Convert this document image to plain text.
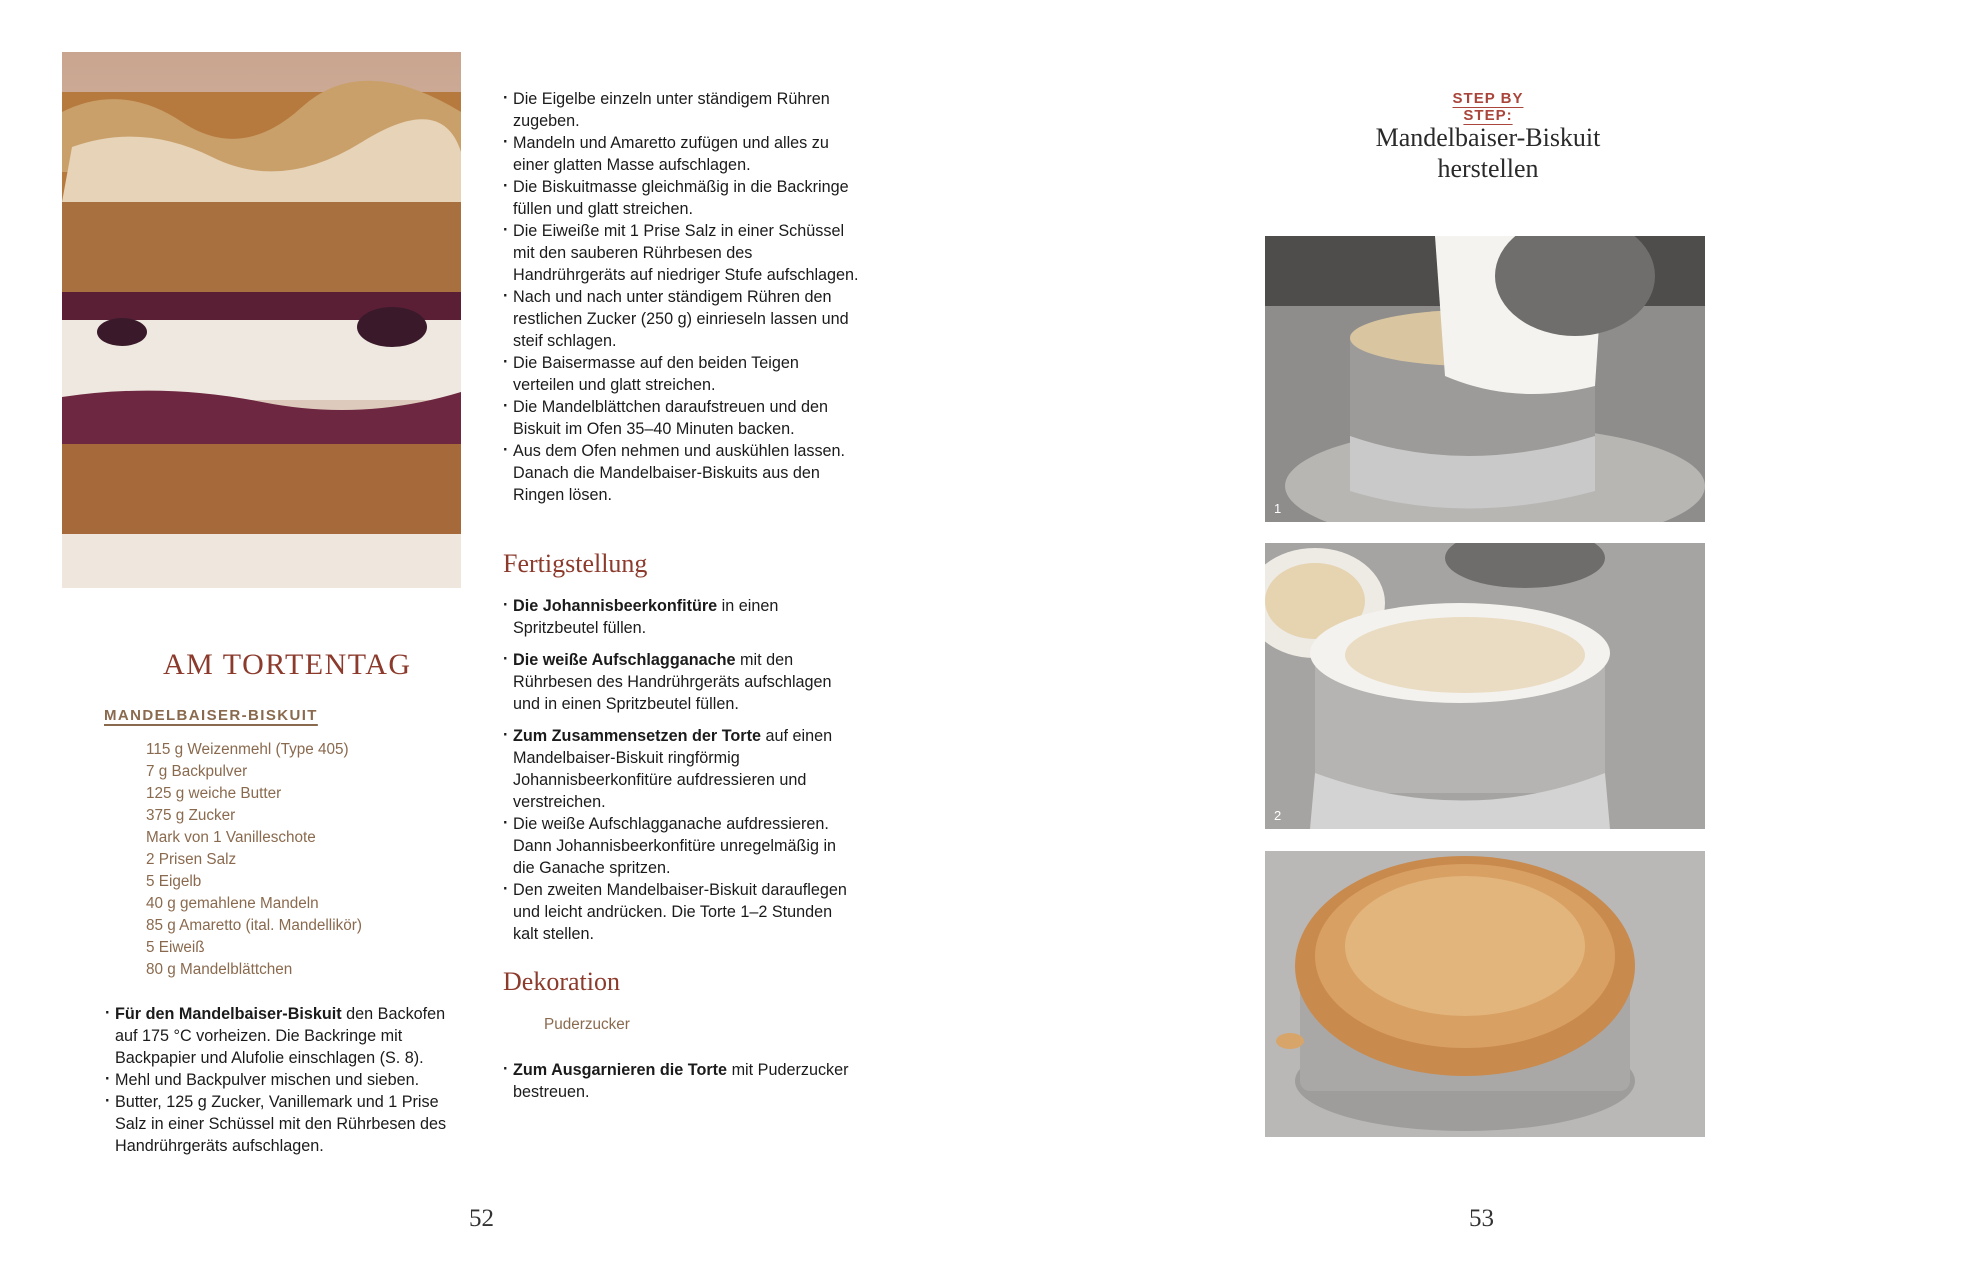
AM TORTENTAG
MANDELBAISER-BISKUIT
115 g Weizenmehl (Type 405)
7 g Backpulver
125 g weiche Butter
375 g Zucker
Mark von 1 Vanilleschote
2 Prisen Salz
5 Eigelb
40 g gemahlene Mandeln
85 g Amaretto (ital. Mandellikör)
5 Eiweiß
80 g Mandelblättchen
· Für den Mandelbaiser-Biskuit den Backofen auf 175 °C vorheizen. Die Backringe mit Backpapier und Alufolie einschlagen (S. 8).
· Mehl und Backpulver mischen und sieben.
· Butter, 125 g Zucker, Vanillemark und 1 Prise Salz in einer Schüssel mit den Rührbesen des Handrührgeräts aufschlagen.
· Die Eigelbe einzeln unter ständigem Rühren zugeben.
· Mandeln und Amaretto zufügen und alles zu einer glatten Masse aufschlagen.
· Die Biskuitmasse gleichmäßig in die Backringe füllen und glatt streichen.
· Die Eiweiße mit 1 Prise Salz in einer Schüssel mit den sauberen Rührbesen des Handrührgeräts auf niedriger Stufe aufschlagen.
· Nach und nach unter ständigem Rühren den restlichen Zucker (250 g) einrieseln lassen und steif schlagen.
· Die Baisermasse auf den beiden Teigen verteilen und glatt streichen.
· Die Mandelblättchen daraufstreuen und den Biskuit im Ofen 35–40 Minuten backen.
· Aus dem Ofen nehmen und auskühlen lassen. Danach die Mandelbaiser-Biskuits aus den Ringen lösen.
Fertigstellung
· Die Johannisbeerkonfitüre in einen Spritzbeutel füllen.
· Die weiße Aufschlagganache mit den Rührbesen des Handrührgeräts aufschlagen und in einen Spritzbeutel füllen.
· Zum Zusammensetzen der Torte auf einen Mandelbaiser-Biskuit ringförmig Johannisbeerkonfitüre aufdressieren und verstreichen.
· Die weiße Aufschlagganache aufdressieren. Dann Johannisbeerkonfitüre unregelmäßig in die Ganache spritzen.
· Den zweiten Mandelbaiser-Biskuit darauflegen und leicht andrücken. Die Torte 1–2 Stunden kalt stellen.
Dekoration
Puderzucker
· Zum Ausgarnieren die Torte mit Puderzucker bestreuen.
52
STEP BY STEP:
Mandelbaiser-Biskuit
herstellen
1
2
53
